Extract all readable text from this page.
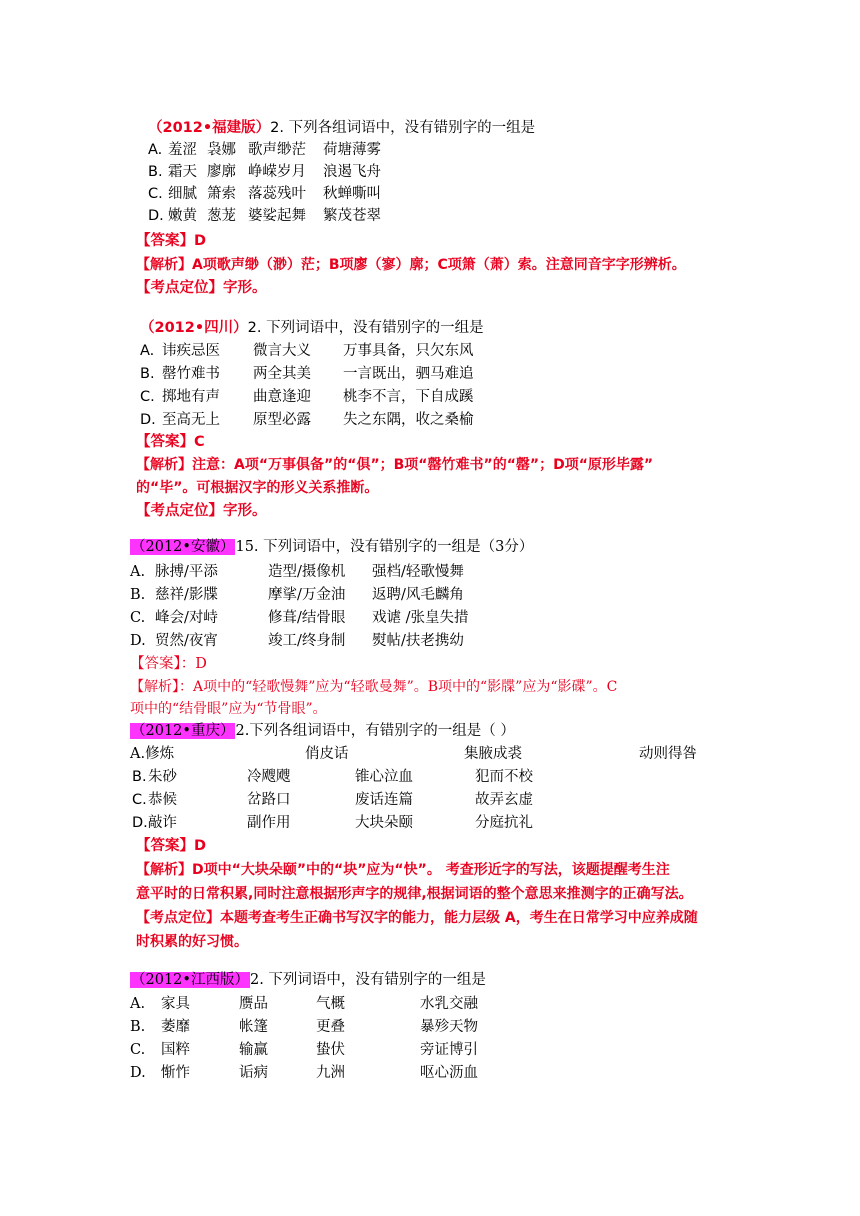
（2012•福建版）2. 下列各组词语中，没有错别字的一组是
A. 羞涩 袅娜 歌声缈茫 荷塘薄雾
B. 霜天 廖廓 峥嵘岁月 浪遏飞舟
C. 细腻 箫索 落蕊残叶 秋蝉嘶叫
D. 嫩黄 葱茏 婆娑起舞 繁茂苍翠
【答案】D
【解析】A项歌声缈（渺）茫；B项廖（寥）廓；C项箫（萧）索。注意同音字字形辨析。
【考点定位】字形。
（2012•四川）2. 下列词语中，没有错别字的一组是
A. 讳疾忌医 微言大义 万事具备，只欠东风
B. 罄竹难书 两全其美 一言既出，驷马难追
C. 掷地有声 曲意逢迎 桃李不言，下自成蹊
D. 至高无上 原型必露 失之东隅，收之桑榆
【答案】C
【解析】注意：A项“万事俱备”的“俱”；B项“罄竹难书”的“罄”；D项“原形毕露”
的“毕”。可根据汉字的形义关系推断。
【考点定位】字形。
（2012•安徽）15. 下列词语中，没有错别字的一组是（3分）
A. 脉搏/平添	造型/摄像机 强档/轻歌慢舞
B. 慈祥/影牒	摩挲/万金油 返聘/风毛麟角
C. 峰会/对峙	修葺/结骨眼 戏谑 /张皇失措
D. 贸然/夜宵	竣工/终身制 熨帖/扶老携幼
【答案】：D
【解析】：A项中的“轻歌慢舞”应为“轻歌曼舞”。B项中的“影牒”应为“影碟”。C
项中的“结骨眼”应为“节骨眼”。
（2012•重庆）2.下列各组词语中，有错别字的一组是（ ）
A.修炼	俏皮话	集腋成裘	动则得咎
B. 朱砂	冷飕飕	锥心泣血	犯而不校
C. 恭候	岔路口	废话连篇	故弄玄虚
D. 敲诈	副作用	大块朵颐	分庭抗礼
【答案】D
【解析】D项中“大块朵颐”中的“块”应为“快”。 考查形近字的写法，该题提醒考生注
意平时的日常积累,同时注意根据形声字的规律,根据词语的整个意思来推测字的正确写法。
【考点定位】本题考查考生正确书写汉字的能力，能力层级 A，考生在日常学习中应养成随
时积累的好习惯。
（2012•江西版）2. 下列词语中，没有错别字的一组是
A. 家具	赝品	气概	水乳交融
B. 萎靡	帐篷	更叠	暴殄天物
C. 国粹	输赢	蛰伏	旁证博引
D. 惭怍	诟病	九洲	呕心沥血
